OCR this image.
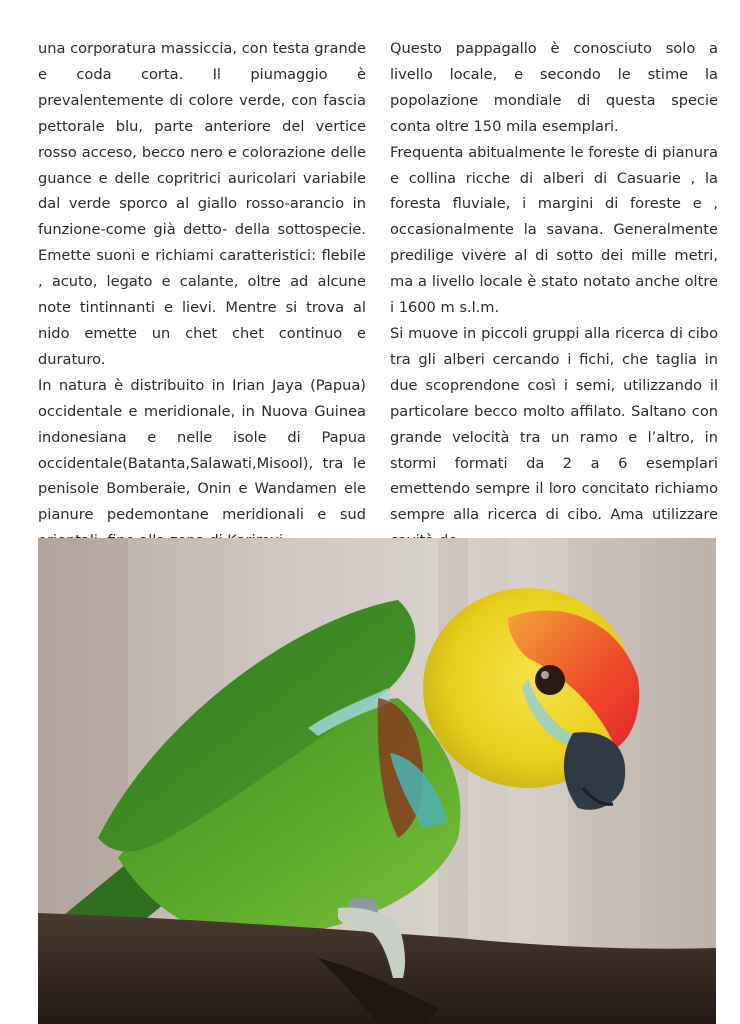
una corporatura massiccia, con testa grande e coda corta. Il piumaggio è prevalentemente di colore verde, con fascia pettorale blu, parte anteriore del vertice rosso acceso, becco nero e colorazione delle guance e delle copritrici auricolari variabile dal verde sporco al giallo rosso-arancio in funzione-come già detto- della sottospecie. Emette suoni e richiami caratteristici: flebile , acuto, legato e calante, oltre ad alcune note tintinnanti e lievi. Mentre si trova al nido emette un chet chet continuo e duraturo.

In natura è distribuito in Irian Jaya (Papua) occidentale e meridionale, in Nuova Guinea indonesiana e nelle isole di Papua occidentale(Batanta,Salawati,Misool), tra le penisole Bomberaie, Onin e Wandamen ele pianure pedemontane meridionali e sud

Questo pappagallo è conosciuto solo a livello locale, e secondo le stime la popolazione mondiale di questa specie conta oltre 150 mila esemplari.

Frequenta abitualmente le foreste di pianura e collina ricche di alberi di Casuarie , la foresta fluviale, i margini di foreste e , occasionalmente la savana. Generalmente predilige vivere al di sotto dei mille metri, ma a livello locale è stato notato anche oltre i 1600 m s.l.m.

Si muove in piccoli gruppi alla ricerca di cibo tra gli alberi cercando i fichi, che taglia in due scoprendone così i semi, utilizzando il particolare becco molto affilato. Saltano con grande velocità tra un ramo e l’altro, in stormi formati da 2 a 6 esemplari emettendo sempre il loro concitato richiamo sempre alla ricerca di cibo. Ama utilizzare
